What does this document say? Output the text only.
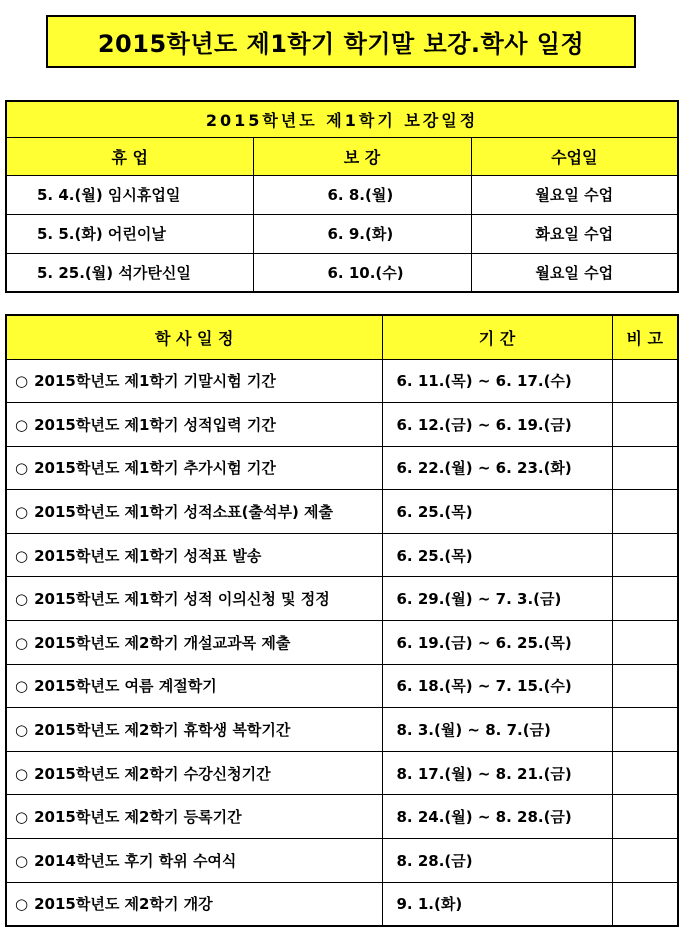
2015학년도 제1학기 학기말 보강.학사 일정
2015학년도 제1학기 보강일정		
휴 업	보 강	수업일
5. 4.(월) 임시휴업일	6. 8.(월)	월요일 수업
5. 5.(화) 어린이날	6. 9.(화)	화요일 수업
5. 25.(월) 석가탄신일	6. 10.(수)	월요일 수업
학 사 일 정	기 간	비 고
○ 2015학년도 제1학기 기말시험 기간	6. 11.(목) ~ 6. 17.(수)	
○ 2015학년도 제1학기 성적입력 기간	6. 12.(금) ~ 6. 19.(금)	
○ 2015학년도 제1학기 추가시험 기간	6. 22.(월) ~ 6. 23.(화)	
○ 2015학년도 제1학기 성적소표(출석부) 제출	6. 25.(목)	
○ 2015학년도 제1학기 성적표 발송	6. 25.(목)	
○ 2015학년도 제1학기 성적 이의신청 및 정정	6. 29.(월) ~ 7. 3.(금)	
○ 2015학년도 제2학기 개설교과목 제출	6. 19.(금) ~ 6. 25.(목)	
○ 2015학년도 여름 계절학기	6. 18.(목) ~ 7. 15.(수)	
○ 2015학년도 제2학기 휴학생 복학기간	8. 3.(월) ~ 8. 7.(금)	
○ 2015학년도 제2학기 수강신청기간	8. 17.(월) ~ 8. 21.(금)	
○ 2015학년도 제2학기 등록기간	8. 24.(월) ~ 8. 28.(금)	
○ 2014학년도 후기 학위 수여식	8. 28.(금)	
○ 2015학년도 제2학기 개강	9. 1.(화)	
